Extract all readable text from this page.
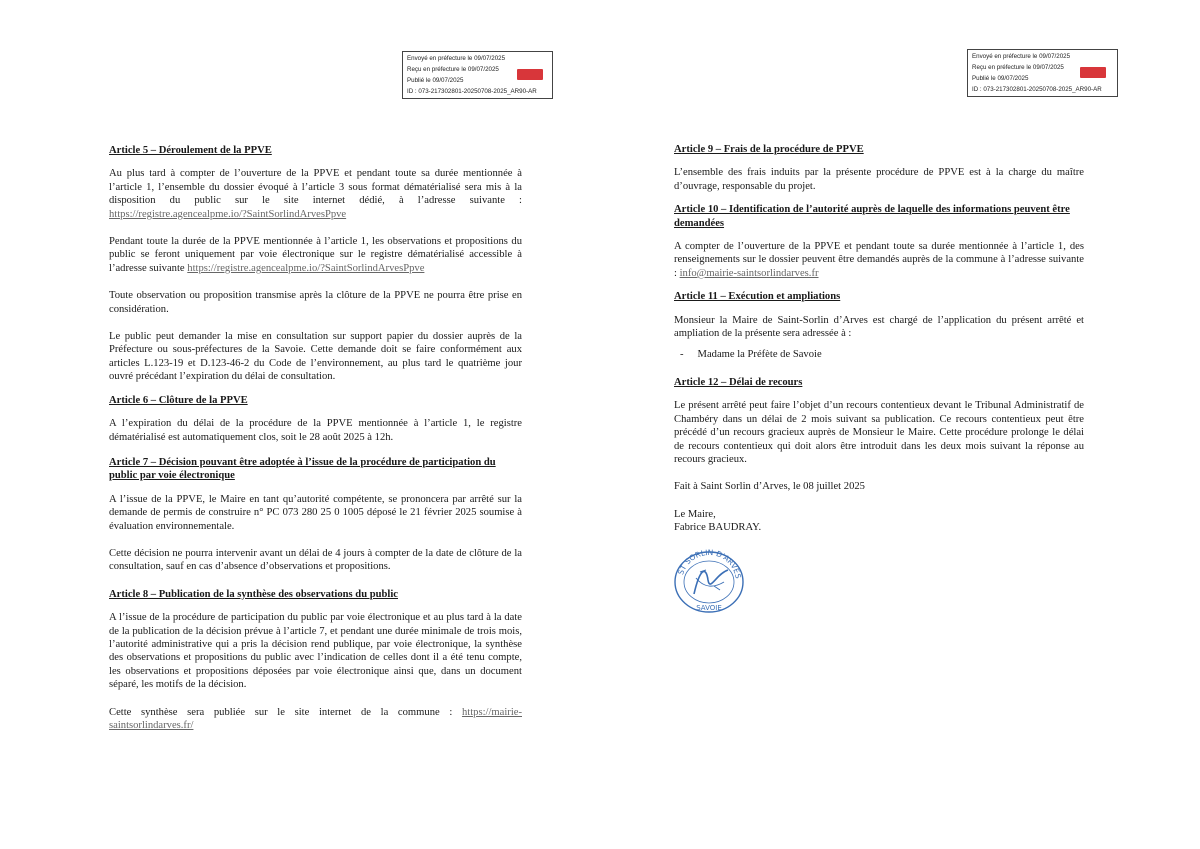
Envoyé en préfecture le 09/07/2025
Reçu en préfecture le 09/07/2025
Publié le 09/07/2025
ID : 073-217302801-20250708-2025_AR90-AR
Article 5 – Déroulement de la PPVE
Au plus tard à compter de l’ouverture de la PPVE et pendant toute sa durée mentionnée à l’article 1, l’ensemble du dossier évoqué à l’article 3 sous format dématérialisé sera mis à la disposition du public sur le site internet dédié, à l’adresse suivante : https://registre.agencealpme.io/?SaintSorlindArvesPpve
Pendant toute la durée de la PPVE mentionnée à l’article 1, les observations et propositions du public se feront uniquement par voie électronique sur le registre dématérialisé accessible à l’adresse suivante https://registre.agencealpme.io/?SaintSorlindArvesPpve
Toute observation ou proposition transmise après la clôture de la PPVE ne pourra être prise en considération.
Le public peut demander la mise en consultation sur support papier du dossier auprès de la Préfecture ou sous-préfectures de la Savoie. Cette demande doit se faire conformément aux articles L.123-19 et D.123-46-2 du Code de l’environnement, au plus tard le quatrième jour ouvré précédant l’expiration du délai de consultation.
Article 6 – Clôture de la PPVE
A l’expiration du délai de la procédure de la PPVE mentionnée à l’article 1, le registre dématérialisé est automatiquement clos, soit le 28 août 2025 à 12h.
Article 7 – Décision pouvant être adoptée à l’issue de la procédure de participation du public par voie électronique
A l’issue de la PPVE, le Maire en tant qu’autorité compétente, se prononcera par arrêté sur la demande de permis de construire n° PC 073 280 25 0 1005 déposé le 21 février 2025 soumise à évaluation environnementale.
Cette décision ne pourra intervenir avant un délai de 4 jours à compter de la date de clôture de la consultation, sauf en cas d’absence d’observations et propositions.
Article 8 – Publication de la synthèse des observations du public
A l’issue de la procédure de participation du public par voie électronique et au plus tard à la date de la publication de la décision prévue à l’article 7, et pendant une durée minimale de trois mois, l’autorité administrative qui a pris la décision rend publique, par voie électronique, la synthèse des observations et propositions du public avec l’indication de celles dont il a été tenu compte, les observations et propositions déposées par voie électronique ainsi que, dans un document séparé, les motifs de la décision.
Cette synthèse sera publiée sur le site internet de la commune : https://mairie-saintsorlindarves.fr/
Envoyé en préfecture le 09/07/2025
Reçu en préfecture le 09/07/2025
Publié le 09/07/2025
ID : 073-217302801-20250708-2025_AR90-AR
Article 9 – Frais de la procédure de PPVE
L’ensemble des frais induits par la présente procédure de PPVE est à la charge du maître d’ouvrage, responsable du projet.
Article 10 – Identification de l’autorité auprès de laquelle des informations peuvent être demandées
A compter de l’ouverture de la PPVE et pendant toute sa durée mentionnée à l’article 1, des renseignements sur le dossier peuvent être demandés auprès de la commune à l’adresse suivante : info@mairie-saintsorlindarves.fr
Article 11 – Exécution et ampliations
Monsieur la Maire de Saint-Sorlin d’Arves est chargé de l’application du présent arrêté et ampliation de la présente sera adressée à :
- Madame la Préfète de Savoie
Article 12 – Délai de recours
Le présent arrêté peut faire l’objet d’un recours contentieux devant le Tribunal Administratif de Chambéry dans un délai de 2 mois suivant sa publication. Ce recours contentieux peut être précédé d’un recours gracieux auprès de Monsieur le Maire. Cette procédure prolonge le délai de recours contentieux qui doit alors être introduit dans les deux mois suivant la réponse au recours gracieux.
Fait à Saint Sorlin d’Arves, le 08 juillet 2025
Le Maire,
Fabrice BAUDRAY.
ST SORLIN D'ARVES
SAVOIE
